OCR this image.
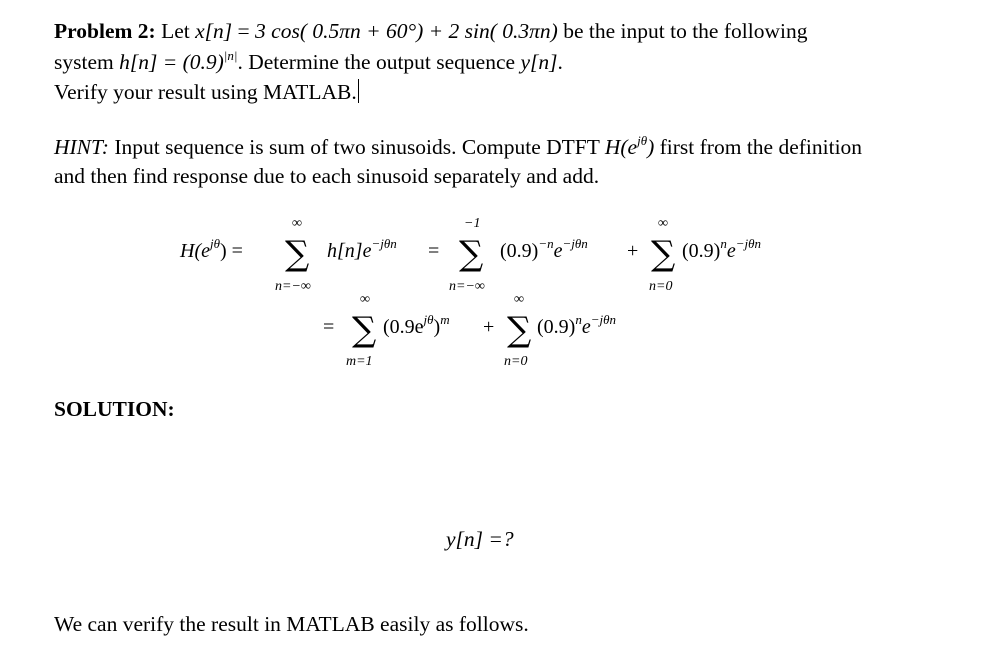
Problem 2: Let x[n] = 3 cos( 0.5πn + 60°) + 2 sin( 0.3πn) be the input to the following
system $h[n] = (0.9)^{|n|}$. Determine the output sequence y[n].
Verify your result using MATLAB.
HINT: Input sequence is sum of two sinusoids. Compute DTFT $H(e^{j\theta})$ first from the definition
and then find response due to each sinusoid separately and add.
$H(e^{j\theta})$ =
∞
∑
n=−∞
$h[n]e^{-j\theta n}$ =
−1
∑
n=−∞
$(0.9)^{-n}e^{-j\theta n}$ +
∞
∑
n=0
$(0.9)^ne^{-j\theta n}$
=
∞
∑
m=1
$(0.9e^{j\theta})^m$ +
∞
∑
n=0
$(0.9)^ne^{-j\theta n}$
SOLUTION:
y[n] =?
We can verify the result in MATLAB easily as follows.
